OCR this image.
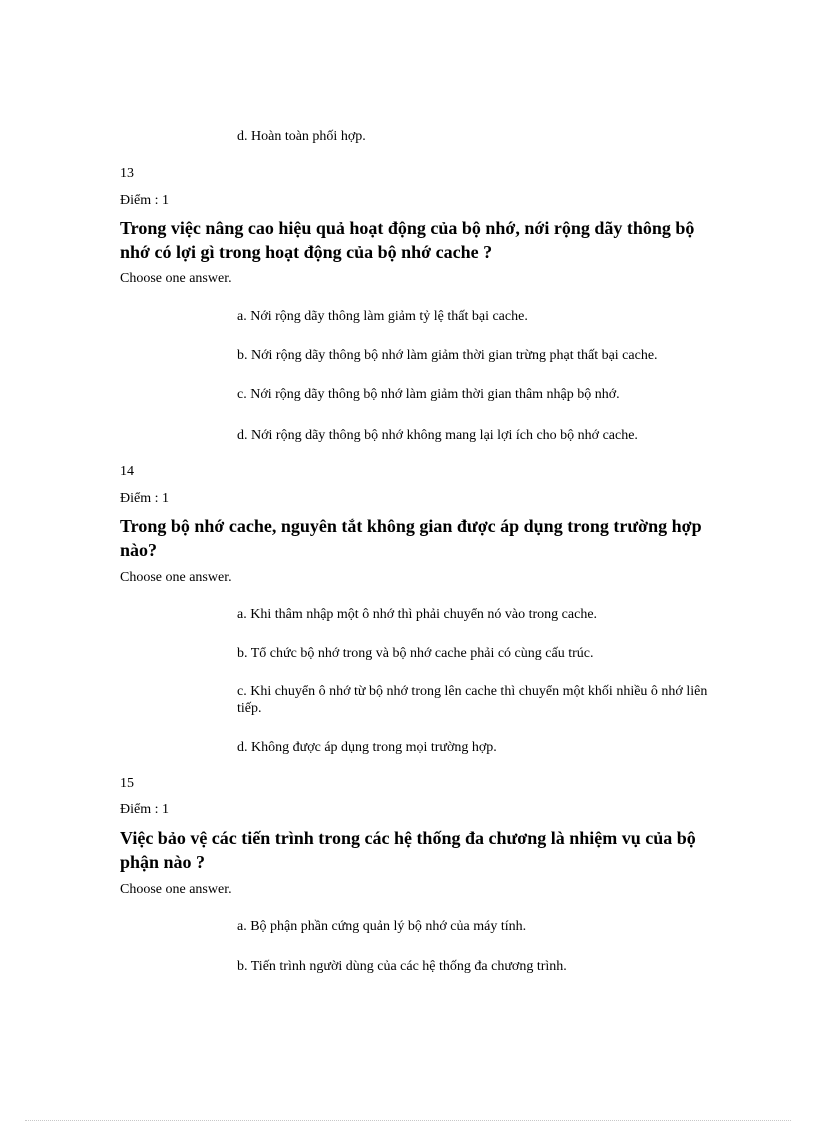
d. Hoàn toàn phối hợp.
13
Điểm : 1
Trong việc nâng cao hiệu quả hoạt động của bộ nhớ, nới rộng dãy thông bộ nhớ có lợi gì trong hoạt động của bộ nhớ cache ?
Choose one answer.
a. Nới rộng dãy thông làm giảm tỷ lệ thất bại cache.
b. Nới rộng dãy thông bộ nhớ làm giảm thời gian trừng phạt thất bại cache.
c. Nới rộng dãy thông bộ nhớ làm giảm thời gian thâm nhập bộ nhớ.
d. Nới rộng dãy thông bộ nhớ không mang lại lợi ích cho bộ nhớ cache.
14
Điểm : 1
Trong bộ nhớ cache, nguyên tắt không gian được áp dụng trong trường hợp nào?
Choose one answer.
a. Khi thâm nhập một ô nhớ thì phải chuyển nó vào trong cache.
b. Tổ chức bộ nhớ trong và bộ nhớ cache phải có cùng cấu trúc.
c. Khi chuyển ô nhớ từ bộ nhớ trong lên cache thì chuyển một khối nhiều ô nhớ liên tiếp.
d. Không được áp dụng trong mọi trường hợp.
15
Điểm : 1
Việc bảo vệ các tiến trình trong các hệ thống đa chương là nhiệm vụ của bộ phận nào ?
Choose one answer.
a. Bộ phận phần cứng quản lý bộ nhớ của máy tính.
b. Tiến trình người dùng của các hệ thống đa chương trình.
